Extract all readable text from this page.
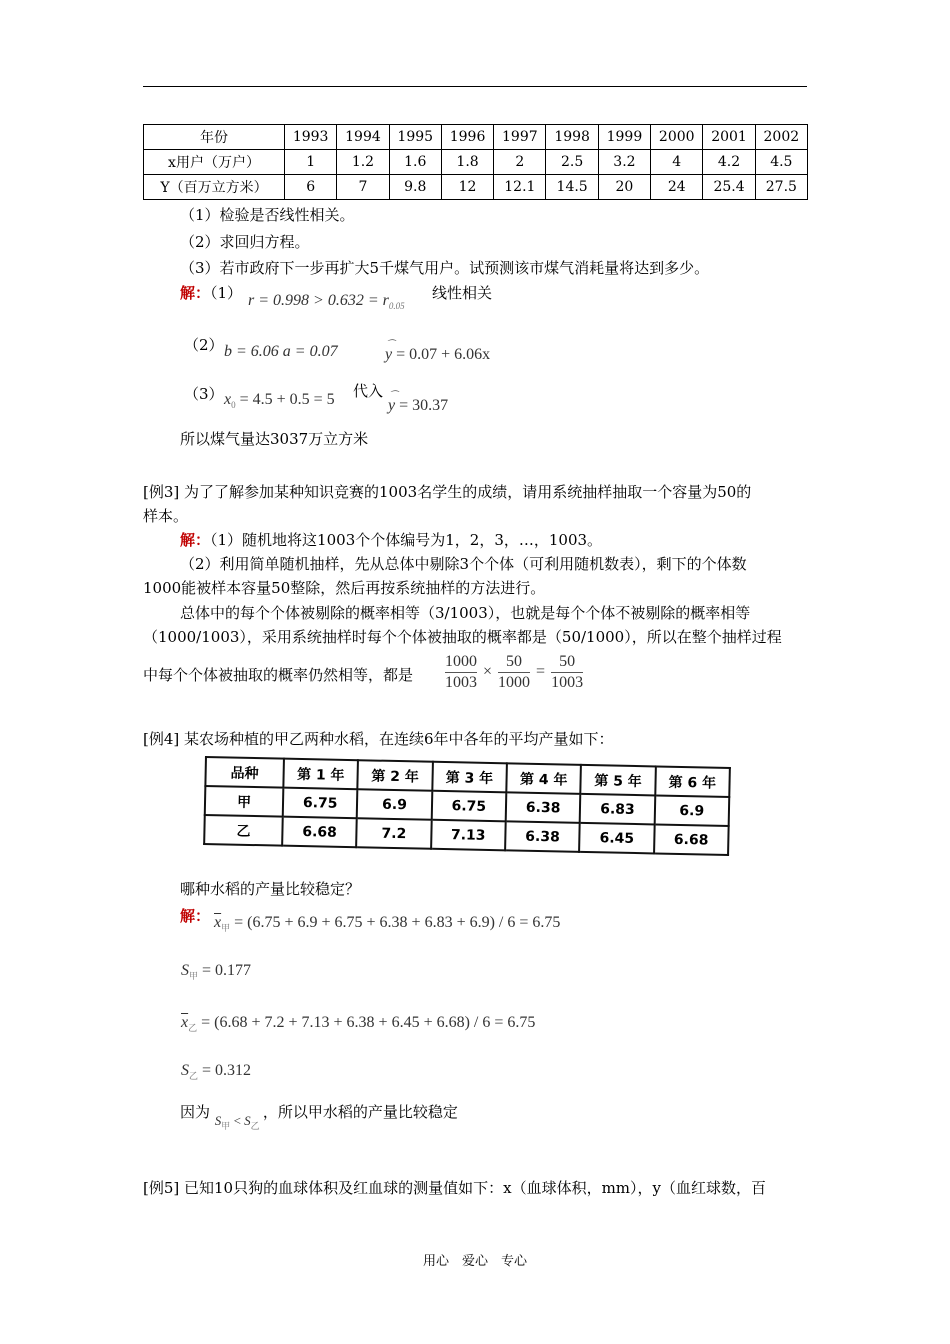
年份	1993	1994	1995	1996	1997	1998	1999	2000	2001	2002
x用户（万户）	1	1.2	1.6	1.8	2	2.5	3.2	4	4.2	4.5
Y（百万立方米）	6	7	9.8	12	12.1	14.5	20	24	25.4	27.5
（1）检验是否线性相关。
（2）求回归方程。
（3）若市政府下一步再扩大5千煤气用户。试预测该市煤气消耗量将达到多少。
解：（1） $r = 0.998 > 0.632 = r_{0.05}$
线性相关
（2） b = 6.06 a = 0.07	⌒
y = 0.07 + 6.06x
（3） $x_0 = 4.5 + 0.5 = 5$ 代入 ⌒
y = 30.37
所以煤气量达3037万立方米
[例3] 为了了解参加某种知识竞赛的1003名学生的成绩，请用系统抽样抽取一个容量为50的
样本。
解：（1）随机地将这1003个个体编号为1，2，3，…，1003。
（2）利用简单随机抽样，先从总体中剔除3个个体（可利用随机数表），剩下的个体数
1000能被样本容量50整除，然后再按系统抽样的方法进行。
总体中的每个个体被剔除的概率相等（3/1003），也就是每个个体不被剔除的概率相等
（1000/1003），采用系统抽样时每个个体被抽取的概率都是（50/1000），所以在整个抽样过程
中每个个体被抽取的概率仍然相等，都是 $\frac{1000}{1003} \times \frac{50}{1000} = \frac{50}{1003}$
[例4] 某农场种植的甲乙两种水稻，在连续6年中各年的平均产量如下：
品种	第 1 年	第 2 年	第 3 年	第 4 年	第 5 年	第 6 年
甲	6.75	6.9	6.75	6.38	6.83	6.9
乙	6.68	7.2	7.13	6.38	6.45	6.68
哪种水稻的产量比较稳定？
解： $\overline{x}_甲 = (6.75 + 6.9 + 6.75 + 6.38 + 6.83 + 6.9) / 6 = 6.75$
$S_甲 = 0.177$
$\overline{x}_乙 = (6.68 + 7.2 + 7.13 + 6.38 + 6.45 + 6.68) / 6 = 6.75$
$S_乙 = 0.312$
因为 $S_甲 < S_乙$ ，所以甲水稻的产量比较稳定
[例5] 已知10只狗的血球体积及红血球的测量值如下：x（血球体积，mm），y（血红球数，百
用心　爱心　专心
